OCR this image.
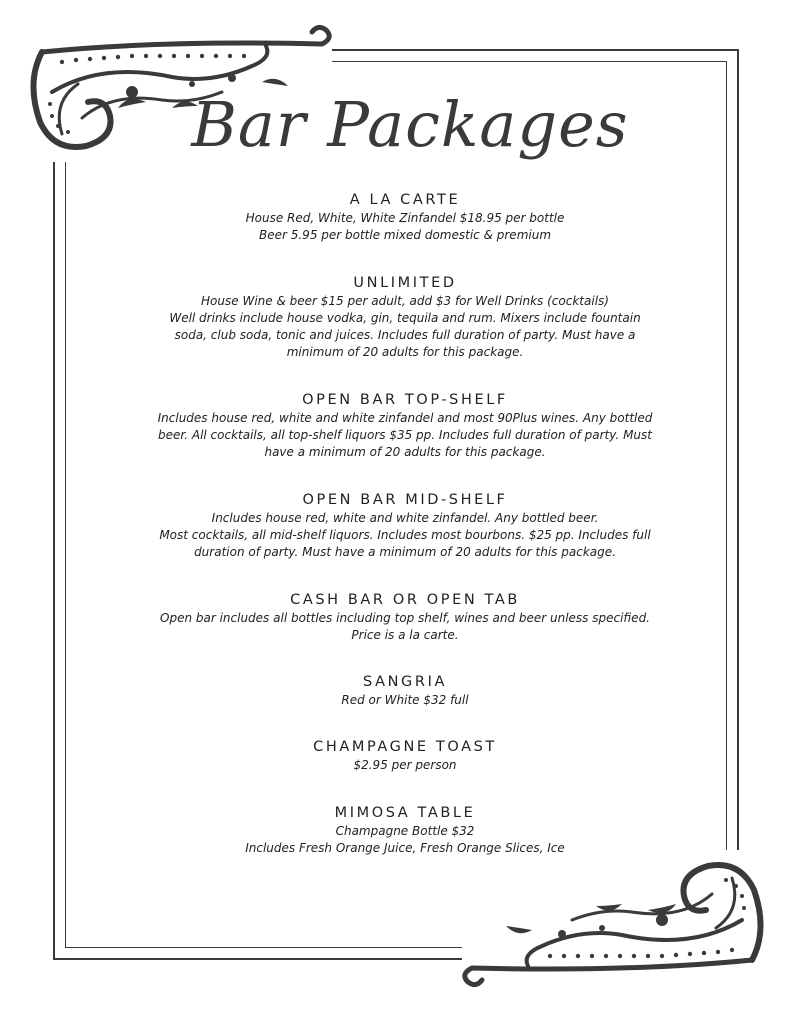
Bar Packages
A LA CARTE
House Red, White, White Zinfandel $18.95 per bottle
Beer 5.95 per bottle mixed domestic & premium
UNLIMITED
House Wine & beer $15 per adult, add $3 for Well Drinks (cocktails)
Well drinks include house vodka, gin, tequila and rum. Mixers include fountain
soda, club soda, tonic and juices. Includes full duration of party. Must have a
minimum of 20 adults for this package.
OPEN BAR TOP-SHELF
Includes house red, white and white zinfandel and most 90Plus wines. Any bottled
beer. All cocktails, all top-shelf liquors $35 pp. Includes full duration of party. Must
have a minimum of 20 adults for this package.
OPEN BAR MID-SHELF
Includes house red, white and white zinfandel. Any bottled beer.
Most cocktails, all mid-shelf liquors. Includes most bourbons. $25 pp. Includes full
duration of party. Must have a minimum of 20 adults for this package.
CASH BAR OR OPEN TAB
Open bar includes all bottles including top shelf, wines and beer unless specified.
Price is a la carte.
SANGRIA
Red or White $32 full
CHAMPAGNE TOAST
$2.95 per person
MIMOSA TABLE
Champagne Bottle $32
Includes Fresh Orange Juice, Fresh Orange Slices, Ice
